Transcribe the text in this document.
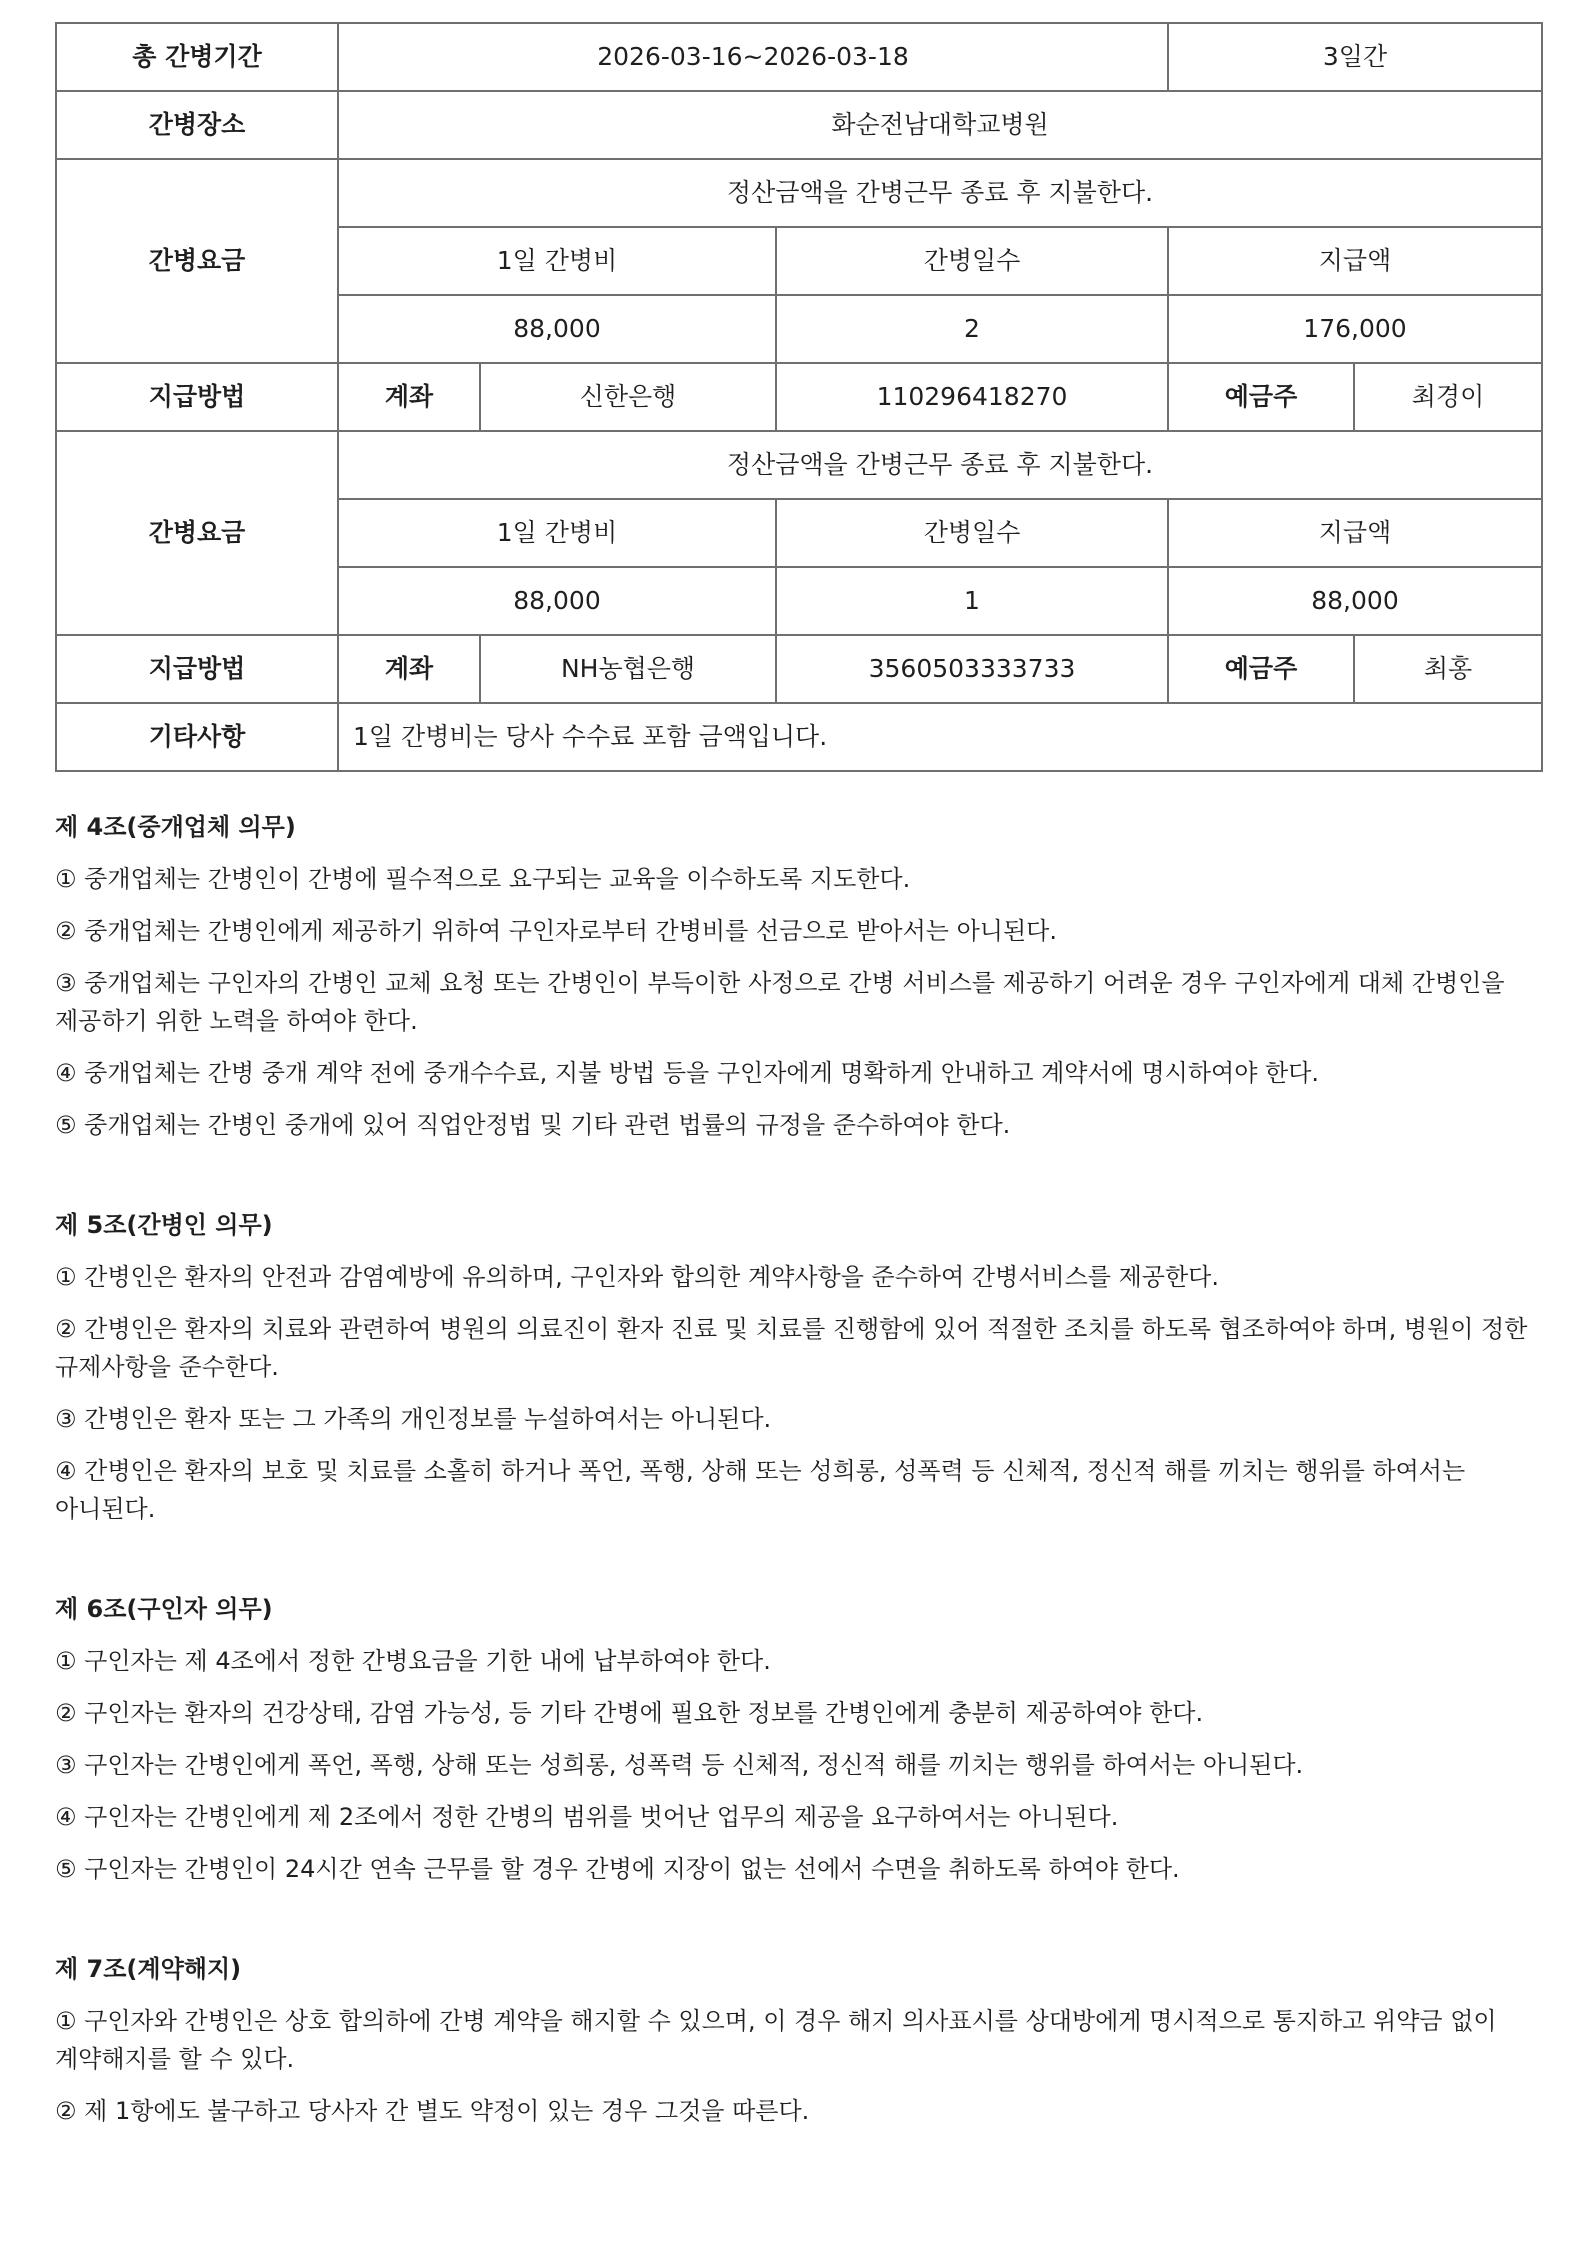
총 간병기간	2026-03-16~2026-03-18			3일간	
간병장소	화순전남대학교병원				
간병요금	정산금액을 간병근무 종료 후 지불한다.				
	1일 간병비		간병일수	지급액	
	88,000		2	176,000	
지급방법	계좌	신한은행	110296418270	예금주	최경이
간병요금	정산금액을 간병근무 종료 후 지불한다.				
	1일 간병비		간병일수	지급액	
	88,000		1	88,000	
지급방법	계좌	NH농협은행	3560503333733	예금주	최홍
기타사항	1일 간병비는 당사 수수료 포함 금액입니다.				
제 4조(중개업체 의무)

① 중개업체는 간병인이 간병에 필수적으로 요구되는 교육을 이수하도록 지도한다.

② 중개업체는 간병인에게 제공하기 위하여 구인자로부터 간병비를 선금으로 받아서는 아니된다.

③ 중개업체는 구인자의 간병인 교체 요청 또는 간병인이 부득이한 사정으로 간병 서비스를 제공하기 어려운 경우 구인자에게 대체 간병인을 제공하기 위한 노력을 하여야 한다.

④ 중개업체는 간병 중개 계약 전에 중개수수료, 지불 방법 등을 구인자에게 명확하게 안내하고 계약서에 명시하여야 한다.

⑤ 중개업체는 간병인 중개에 있어 직업안정법 및 기타 관련 법률의 규정을 준수하여야 한다.

제 5조(간병인 의무)

① 간병인은 환자의 안전과 감염예방에 유의하며, 구인자와 합의한 계약사항을 준수하여 간병서비스를 제공한다.

② 간병인은 환자의 치료와 관련하여 병원의 의료진이 환자 진료 및 치료를 진행함에 있어 적절한 조치를 하도록 협조하여야 하며, 병원이 정한 규제사항을 준수한다.

③ 간병인은 환자 또는 그 가족의 개인정보를 누설하여서는 아니된다.

④ 간병인은 환자의 보호 및 치료를 소홀히 하거나 폭언, 폭행, 상해 또는 성희롱, 성폭력 등 신체적, 정신적 해를 끼치는 행위를 하여서는 아니된다.

제 6조(구인자 의무)

① 구인자는 제 4조에서 정한 간병요금을 기한 내에 납부하여야 한다.

② 구인자는 환자의 건강상태, 감염 가능성, 등 기타 간병에 필요한 정보를 간병인에게 충분히 제공하여야 한다.

③ 구인자는 간병인에게 폭언, 폭행, 상해 또는 성희롱, 성폭력 등 신체적, 정신적 해를 끼치는 행위를 하여서는 아니된다.

④ 구인자는 간병인에게 제 2조에서 정한 간병의 범위를 벗어난 업무의 제공을 요구하여서는 아니된다.

⑤ 구인자는 간병인이 24시간 연속 근무를 할 경우 간병에 지장이 없는 선에서 수면을 취하도록 하여야 한다.

제 7조(계약해지)

① 구인자와 간병인은 상호 합의하에 간병 계약을 해지할 수 있으며, 이 경우 해지 의사표시를 상대방에게 명시적으로 통지하고 위약금 없이 계약해지를 할 수 있다.

② 제 1항에도 불구하고 당사자 간 별도 약정이 있는 경우 그것을 따른다.
